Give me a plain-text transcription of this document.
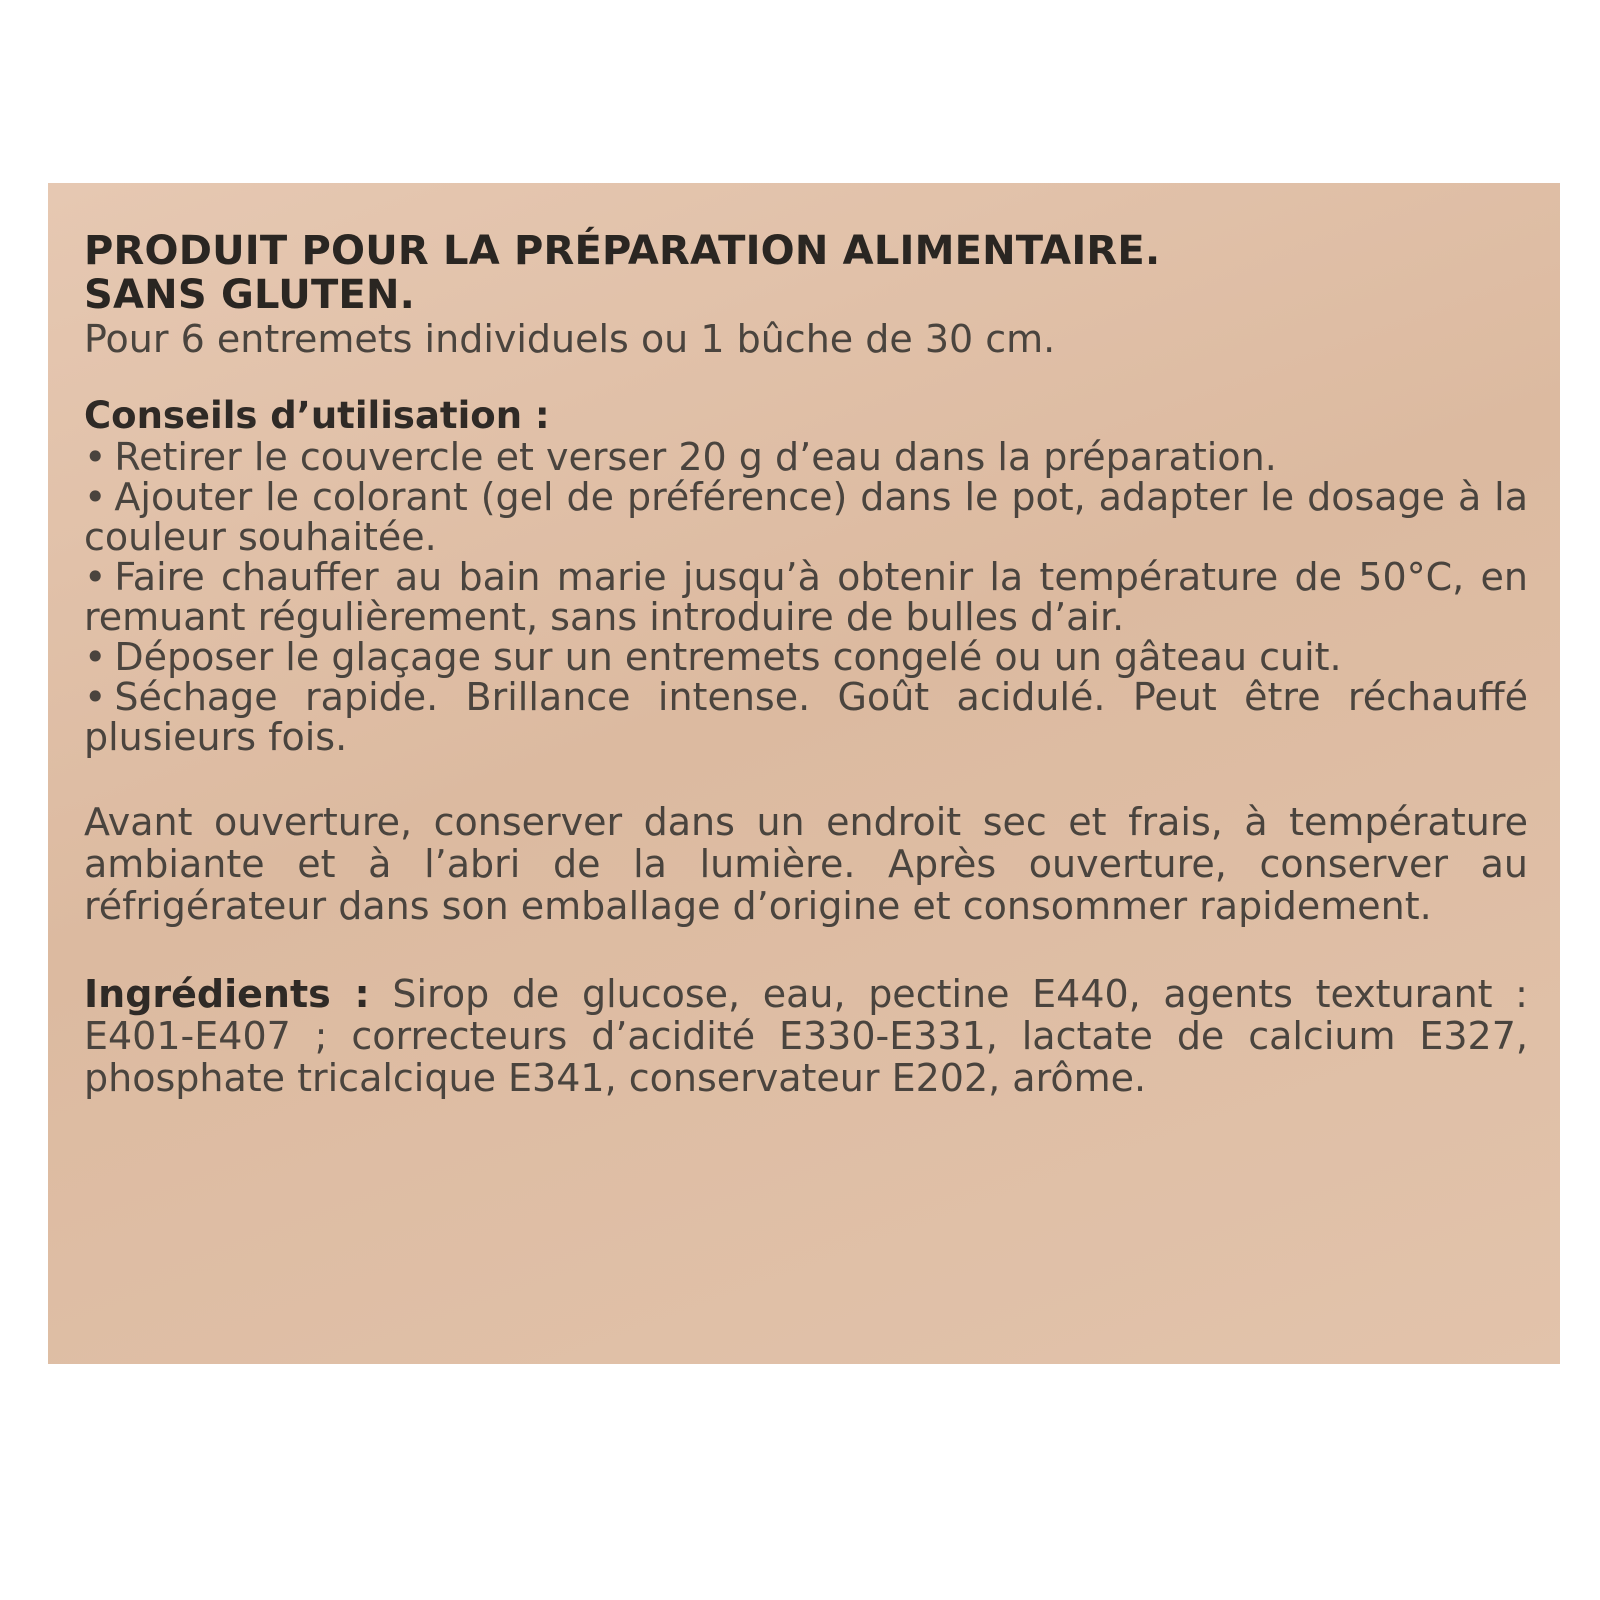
PRODUIT POUR LA PRÉPARATION ALIMENTAIRE.

SANS GLUTEN.

Pour 6 entremets individuels ou 1 bûche de 30 cm.

Conseils d’utilisation :

• Retirer le couvercle et verser 20 g d’eau dans la préparation.
• Ajouter le colorant (gel de préférence) dans le pot, adapter le dosage à la couleur souhaitée.
• Faire chauffer au bain marie jusqu’à obtenir la température de 50°C, en remuant régulièrement, sans introduire de bulles d’air.
• Déposer le glaçage sur un entremets congelé ou un gâteau cuit.
• Séchage rapide. Brillance intense. Goût acidulé. Peut être réchauffé plusieurs fois.

Avant ouverture, conserver dans un endroit sec et frais, à température ambiante et à l’abri de la lumière. Après ouverture, conserver au réfrigérateur dans son emballage d’origine et consommer rapidement.

Ingrédients : Sirop de glucose, eau, pectine E440, agents texturant : E401-E407 ; correcteurs d’acidité E330-E331, lactate de calcium E327, phosphate tricalcique E341, conservateur E202, arôme.
